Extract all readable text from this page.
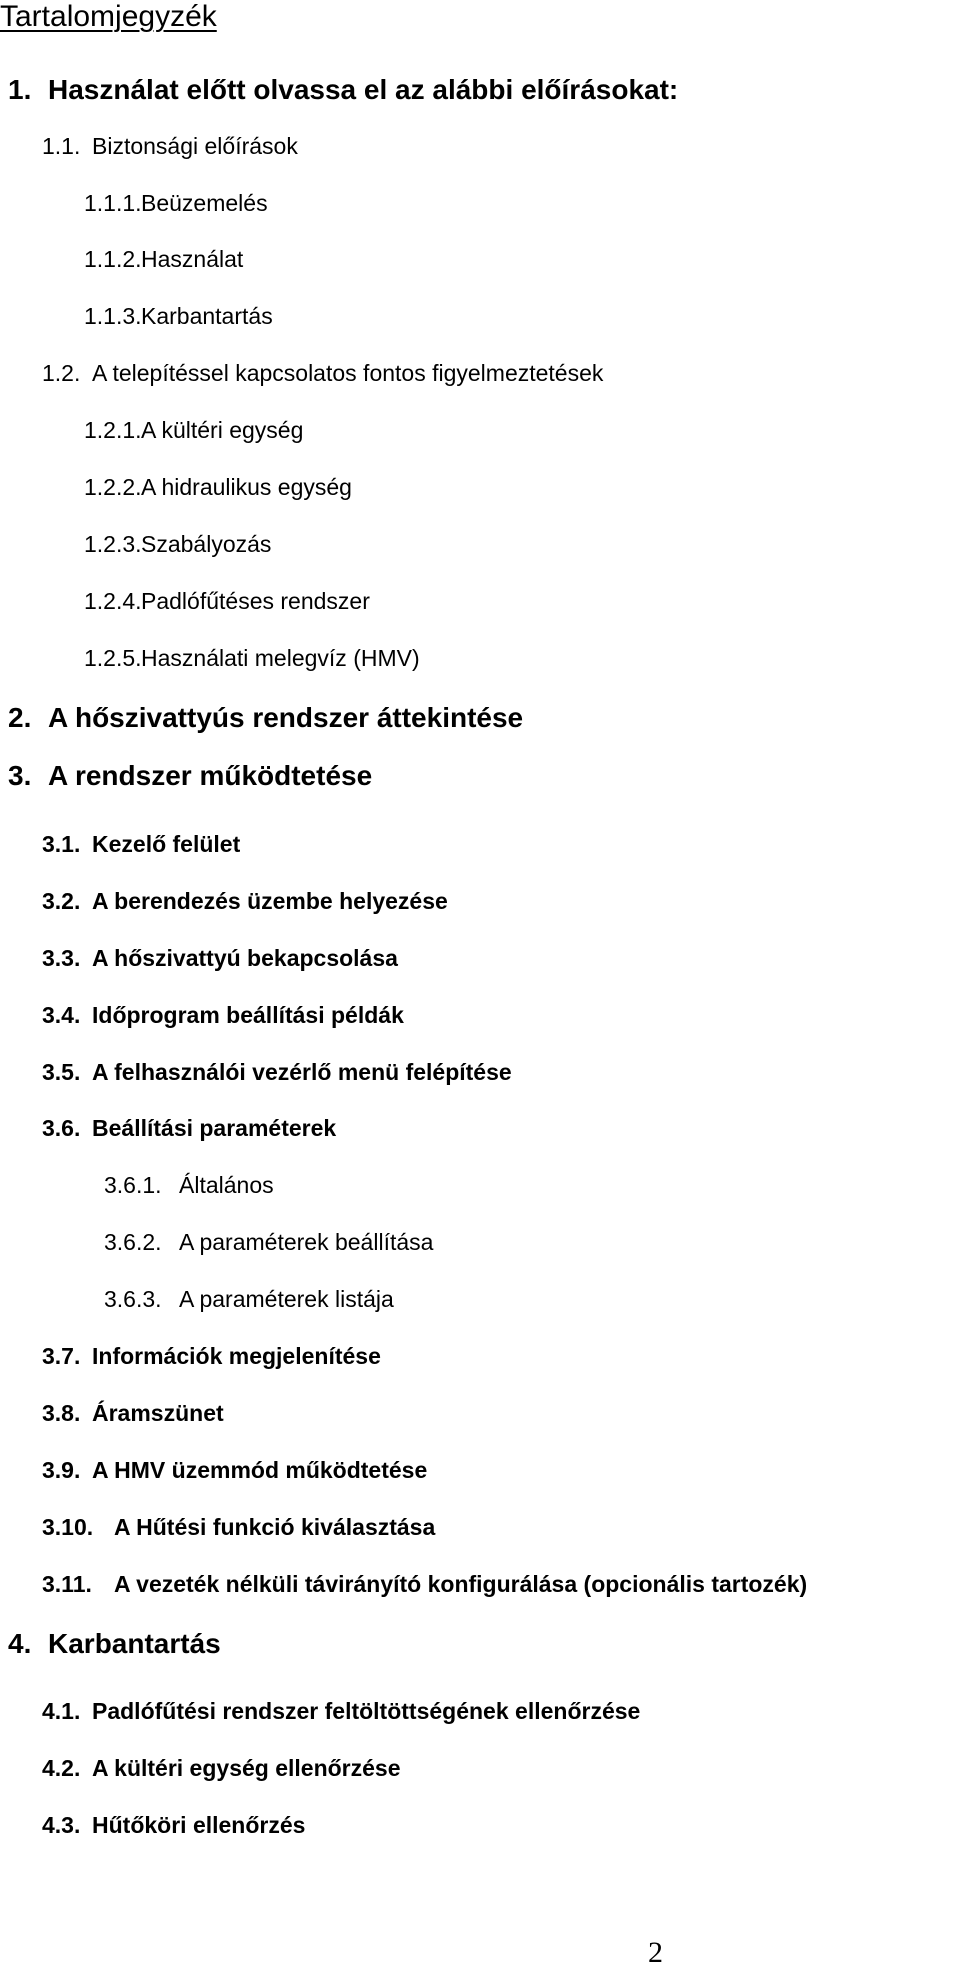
Tartalomjegyzék
1. Használat előtt olvassa el az alábbi előírásokat:
1.1. Biztonsági előírások
1.1.1. Beüzemelés
1.1.2. Használat
1.1.3. Karbantartás
1.2. A telepítéssel kapcsolatos fontos figyelmeztetések
1.2.1. A kültéri egység
1.2.2. A hidraulikus egység
1.2.3. Szabályozás
1.2.4. Padlófűtéses rendszer
1.2.5. Használati melegvíz (HMV)
2. A hőszivattyús rendszer áttekintése
3. A rendszer működtetése
3.1. Kezelő felület
3.2. A berendezés üzembe helyezése
3.3. A hőszivattyú bekapcsolása
3.4. Időprogram beállítási példák
3.5. A felhasználói vezérlő menü felépítése
3.6. Beállítási paraméterek
3.6.1. Általános
3.6.2. A paraméterek beállítása
3.6.3. A paraméterek listája
3.7. Információk megjelenítése
3.8. Áramszünet
3.9. A HMV üzemmód működtetése
3.10. A Hűtési funkció kiválasztása
3.11. A vezeték nélküli távirányító konfigurálása (opcionális tartozék)
4. Karbantartás
4.1. Padlófűtési rendszer feltöltöttségének ellenőrzése
4.2. A kültéri egység ellenőrzése
4.3. Hűtőköri ellenőrzés
2
